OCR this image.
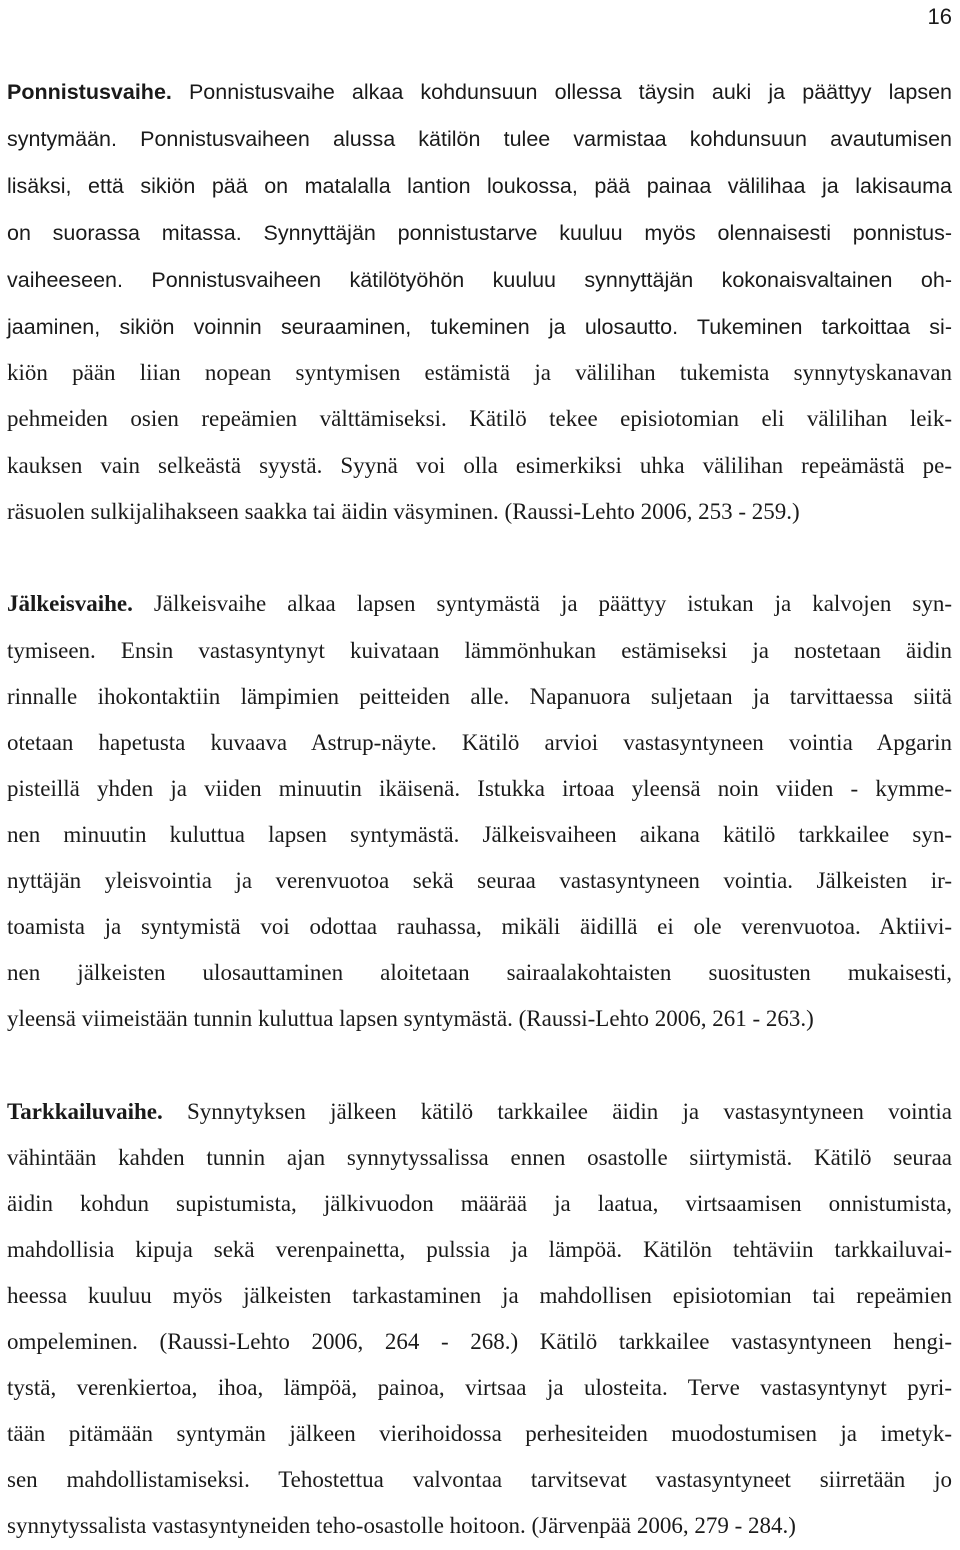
16
Ponnistusvaihe. Ponnistusvaihe alkaa kohdunsuun ollessa täysin auki ja päättyy lapsen
syntymään. Ponnistusvaiheen alussa kätilön tulee varmistaa kohdunsuun avautumisen
lisäksi, että sikiön pää on matalalla lantion loukossa, pää painaa välilihaa ja lakisauma
on suorassa mitassa. Synnyttäjän ponnistustarve kuuluu myös olennaisesti ponnistus-
vaiheeseen. Ponnistusvaiheen kätilötyöhön kuuluu synnyttäjän kokonaisvaltainen oh-
jaaminen, sikiön voinnin seuraaminen, tukeminen ja ulosautto. Tukeminen tarkoittaa si-
kiön pään liian nopean syntymisen estämistä ja välilihan tukemista synnytyskanavan
pehmeiden osien repeämien välttämiseksi. Kätilö tekee episiotomian eli välilihan leik-
kauksen vain selkeästä syystä. Syynä voi olla esimerkiksi uhka välilihan repeämästä pe-
räsuolen sulkijalihakseen saakka tai äidin väsyminen. (Raussi-Lehto 2006, 253 - 259.)
Jälkeisvaihe. Jälkeisvaihe alkaa lapsen syntymästä ja päättyy istukan ja kalvojen syn-
tymiseen. Ensin vastasyntynyt kuivataan lämmönhukan estämiseksi ja nostetaan äidin
rinnalle ihokontaktiin lämpimien peitteiden alle. Napanuora suljetaan ja tarvittaessa siitä
otetaan hapetusta kuvaava Astrup-näyte. Kätilö arvioi vastasyntyneen vointia Apgarin
pisteillä yhden ja viiden minuutin ikäisenä. Istukka irtoaa yleensä noin viiden - kymme-
nen minuutin kuluttua lapsen syntymästä. Jälkeisvaiheen aikana kätilö tarkkailee syn-
nyttäjän yleisvointia ja verenvuotoa sekä seuraa vastasyntyneen vointia. Jälkeisten ir-
toamista ja syntymistä voi odottaa rauhassa, mikäli äidillä ei ole verenvuotoa. Aktiivi-
nen jälkeisten ulosauttaminen aloitetaan sairaalakohtaisten suositusten mukaisesti,
yleensä viimeistään tunnin kuluttua lapsen syntymästä. (Raussi-Lehto 2006, 261 - 263.)
Tarkkailuvaihe. Synnytyksen jälkeen kätilö tarkkailee äidin ja vastasyntyneen vointia
vähintään kahden tunnin ajan synnytyssalissa ennen osastolle siirtymistä. Kätilö seuraa
äidin kohdun supistumista, jälkivuodon määrää ja laatua, virtsaamisen onnistumista,
mahdollisia kipuja sekä verenpainetta, pulssia ja lämpöä. Kätilön tehtäviin tarkkailuvai-
heessa kuuluu myös jälkeisten tarkastaminen ja mahdollisen episiotomian tai repeämien
ompeleminen. (Raussi-Lehto 2006, 264 - 268.) Kätilö tarkkailee vastasyntyneen hengi-
tystä, verenkiertoa, ihoa, lämpöä, painoa, virtsaa ja ulosteita. Terve vastasyntynyt pyri-
tään pitämään syntymän jälkeen vierihoidossa perhesiteiden muodostumisen ja imetyk-
sen mahdollistamiseksi. Tehostettua valvontaa tarvitsevat vastasyntyneet siirretään jo
synnytyssalista vastasyntyneiden teho-osastolle hoitoon. (Järvenpää 2006, 279 - 284.)
